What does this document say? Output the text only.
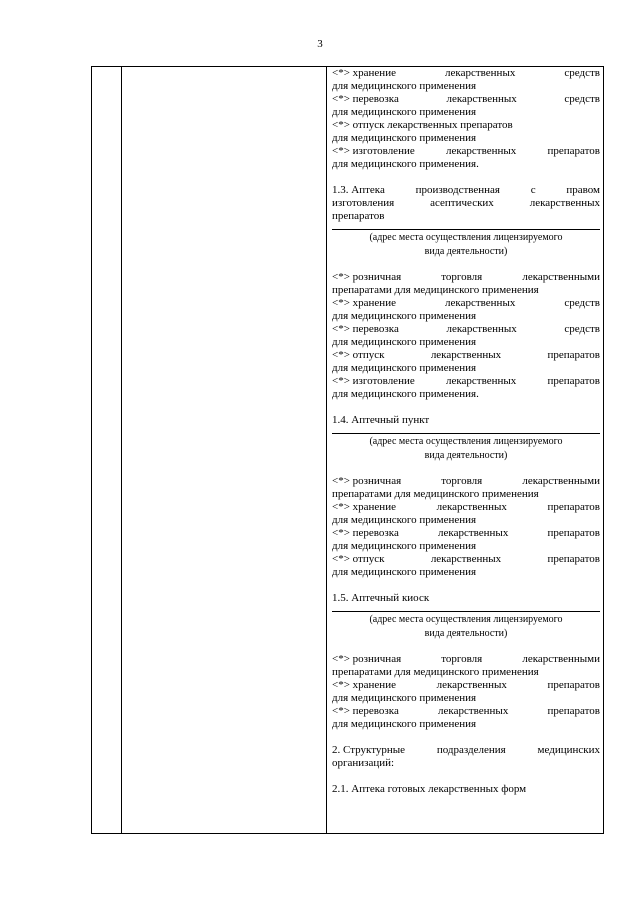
3
<*> хранение	лекарственных	средств
для медицинского применения
<*> перевозка	лекарственных	средств
для медицинского применения
<*> отпуск лекарственных препаратов
для медицинского применения
<*> изготовление	лекарственных	препаратов
для медицинского применения.
1.3. Аптека	производственная	с	правом
изготовления	асептических	лекарственных
препаратов
(адрес места осуществления лицензируемого
вида деятельности)
<*> розничная	торговля	лекарственными
препаратами для медицинского применения
<*> хранение	лекарственных	средств
для медицинского применения
<*> перевозка	лекарственных	средств
для медицинского применения
<*> отпуск	лекарственных	препаратов
для медицинского применения
<*> изготовление	лекарственных	препаратов
для медицинского применения.
1.4. Аптечный пункт
(адрес места осуществления лицензируемого
вида деятельности)
<*> розничная	торговля	лекарственными
препаратами для медицинского применения
<*> хранение	лекарственных	препаратов
для медицинского применения
<*> перевозка	лекарственных	препаратов
для медицинского применения
<*> отпуск	лекарственных	препаратов
для медицинского применения
1.5. Аптечный киоск
(адрес места осуществления лицензируемого
вида деятельности)
<*> розничная	торговля	лекарственными
препаратами для медицинского применения
<*> хранение	лекарственных	препаратов
для медицинского применения
<*> перевозка	лекарственных	препаратов
для медицинского применения
2. Структурные	подразделения	медицинских
организаций:
2.1. Аптека готовых лекарственных форм
